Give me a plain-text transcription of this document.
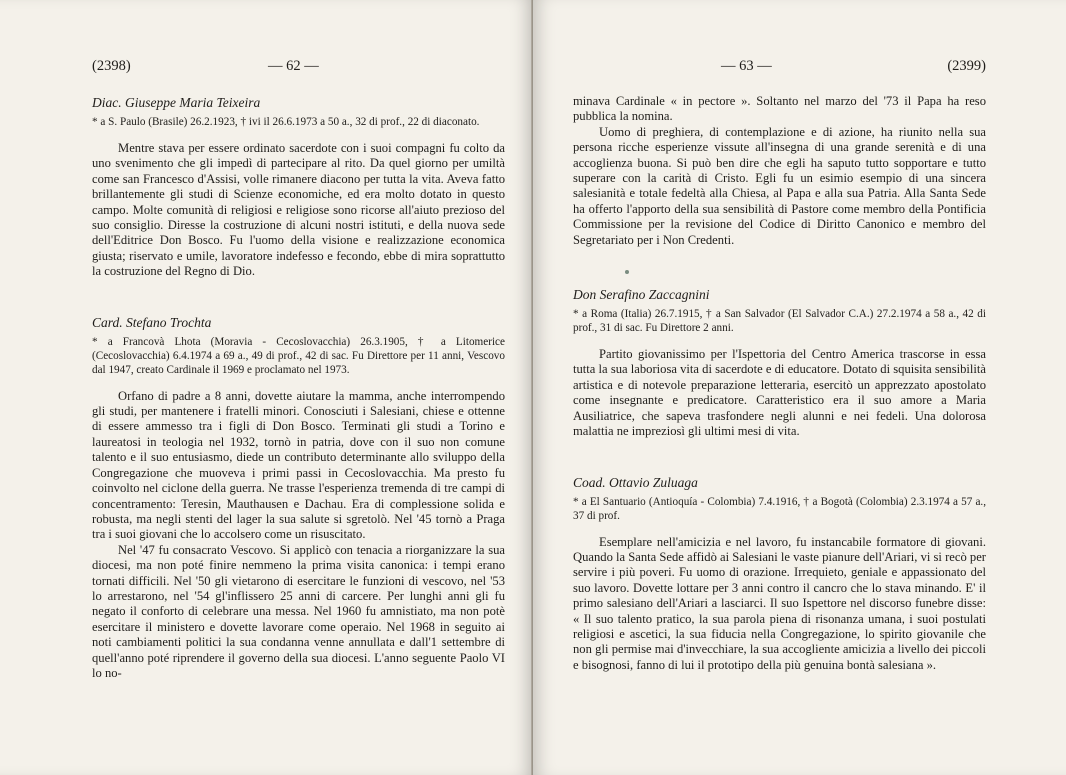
(2398)	— 62 —

Diac. Giuseppe Maria Teixeira

* a S. Paulo (Brasile) 26.2.1923, † ivi il 26.6.1973 a 50 a., 32 di prof., 22 di diaconato.

Mentre stava per essere ordinato sacerdote con i suoi compagni fu colto da uno svenimento che gli impedì di partecipare al rito. Da quel giorno per umiltà come san Francesco d'Assisi, volle rimanere diacono per tutta la vita. Aveva fatto brillantemente gli studi di Scienze economiche, ed era molto dotato in questo campo. Molte comunità di religiosi e religiose sono ricorse all'aiuto prezioso del suo consiglio. Diresse la costruzione di alcuni nostri istituti, e della nuova sede dell'Editrice Don Bosco. Fu l'uomo della visione e realizzazione economica giusta; riservato e umile, lavoratore indefesso e fecondo, ebbe di mira soprattutto la costruzione del Regno di Dio.

Card. Stefano Trochta

* a Francovà Lhota (Moravia - Cecoslovacchia) 26.3.1905, † a Litomerice (Cecoslovacchia) 6.4.1974 a 69 a., 49 di prof., 42 di sac. Fu Direttore per 11 anni, Vescovo dal 1947, creato Cardinale il 1969 e proclamato nel 1973.

Orfano di padre a 8 anni, dovette aiutare la mamma, anche interrompendo gli studi, per mantenere i fratelli minori. Conosciuti i Salesiani, chiese e ottenne di essere ammesso tra i figli di Don Bosco. Terminati gli studi a Torino e laureatosi in teologia nel 1932, tornò in patria, dove con il suo non comune talento e il suo entusiasmo, diede un contributo determinante allo sviluppo della Congregazione che muoveva i primi passi in Cecoslovacchia. Ma presto fu coinvolto nel ciclone della guerra. Ne trasse l'esperienza tremenda di tre campi di concentramento: Teresin, Mauthausen e Dachau. Era di complessione solida e robusta, ma negli stenti del lager la sua salute si sgretolò. Nel '45 tornò a Praga tra i suoi giovani che lo accolsero come un risuscitato.

Nel '47 fu consacrato Vescovo. Si applicò con tenacia a riorganizzare la sua diocesi, ma non poté finire nemmeno la prima visita canonica: i tempi erano tornati difficili. Nel '50 gli vietarono di esercitare le funzioni di vescovo, nel '53 lo arrestarono, nel '54 gl'inflissero 25 anni di carcere. Per lunghi anni gli fu negato il conforto di celebrare una messa. Nel 1960 fu amnistiato, ma non potè esercitare il ministero e dovette lavorare come operaio. Nel 1968 in seguito ai noti cambiamenti politici la sua condanna venne annullata e dall'1 settembre di quell'anno poté riprendere il governo della sua diocesi. L'anno seguente Paolo VI lo no-

— 63 —	(2399)

minava Cardinale « in pectore ». Soltanto nel marzo del '73 il Papa ha reso pubblica la nomina.

Uomo di preghiera, di contemplazione e di azione, ha riunito nella sua persona ricche esperienze vissute all'insegna di una grande serenità e di una accoglienza buona. Si può ben dire che egli ha saputo tutto sopportare e tutto superare con la carità di Cristo. Egli fu un esimio esempio di una sincera salesianità e totale fedeltà alla Chiesa, al Papa e alla sua Patria. Alla Santa Sede ha offerto l'apporto della sua sensibilità di Pastore come membro della Pontificia Commissione per la revisione del Codice di Diritto Canonico e membro del Segretariato per i Non Credenti.

Don Serafino Zaccagnini

* a Roma (Italia) 26.7.1915, † a San Salvador (El Salvador C.A.) 27.2.1974 a 58 a., 42 di prof., 31 di sac. Fu Direttore 2 anni.

Partito giovanissimo per l'Ispettoria del Centro America trascorse in essa tutta la sua laboriosa vita di sacerdote e di educatore. Dotato di squisita sensibilità artistica e di notevole preparazione letteraria, esercitò un apprezzato apostolato come insegnante e predicatore. Caratteristico era il suo amore a Maria Ausiliatrice, che sapeva trasfondere negli alunni e nei fedeli. Una dolorosa malattia ne impreziosì gli ultimi mesi di vita.

Coad. Ottavio Zuluaga

* a El Santuario (Antioquía - Colombia) 7.4.1916, † a Bogotà (Colombia) 2.3.1974 a 57 a., 37 di prof.

Esemplare nell'amicizia e nel lavoro, fu instancabile formatore di giovani. Quando la Santa Sede affidò ai Salesiani le vaste pianure dell'Ariari, vi si recò per servire i più poveri. Fu uomo di orazione. Irrequieto, geniale e appassionato del suo lavoro. Dovette lottare per 3 anni contro il cancro che lo stava minando. E' il primo salesiano dell'Ariari a lasciarci. Il suo Ispettore nel discorso funebre disse: « Il suo talento pratico, la sua parola piena di risonanza umana, i suoi postulati religiosi e ascetici, la sua fiducia nella Congregazione, lo spirito giovanile che non gli permise mai d'invecchiare, la sua accogliente amicizia a livello dei piccoli e bisognosi, fanno di lui il prototipo della più genuina bontà salesiana ».
